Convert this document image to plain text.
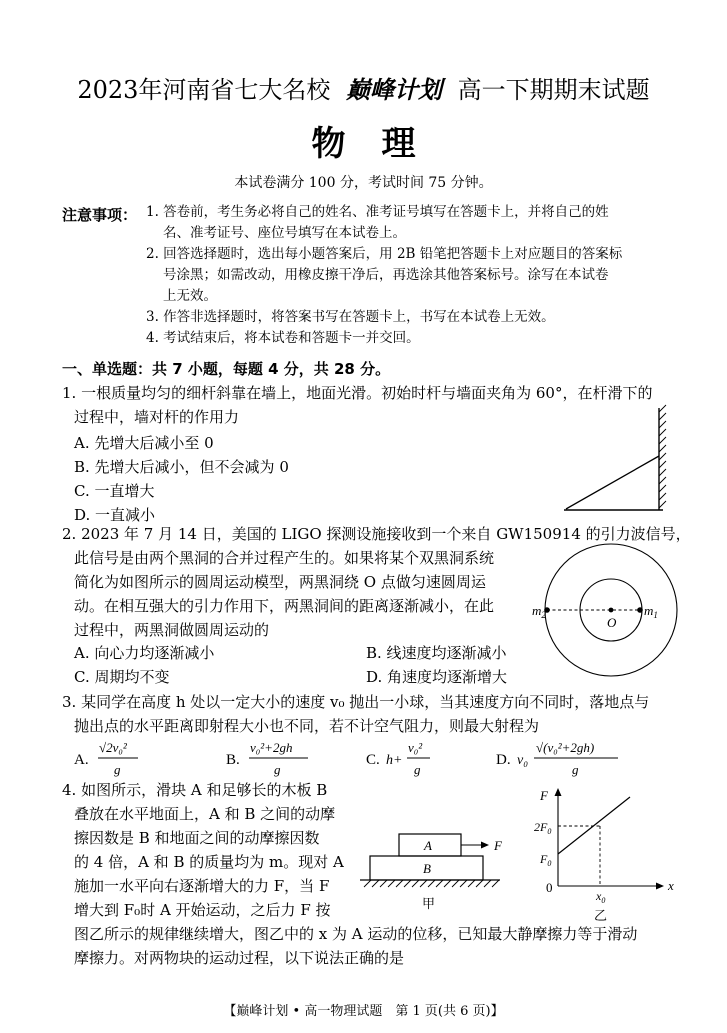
2023年河南省七大名校 巅峰计划 高一下期期末试题
物理
本试卷满分 100 分，考试时间 75 分钟。
注意事项： 1. 答卷前，考生务必将自己的姓名、准考证号填写在答题卡上，并将自己的姓
名、准考证号、座位号填写在本试卷上。
2. 回答选择题时，选出每小题答案后，用 2B 铅笔把答题卡上对应题目的答案标
号涂黑；如需改动，用橡皮擦干净后，再选涂其他答案标号。涂写在本试卷
上无效。
3. 作答非选择题时，将答案书写在答题卡上，书写在本试卷上无效。
4. 考试结束后，将本试卷和答题卡一并交回。
一、单选题：共 7 小题，每题 4 分，共 28 分。
1. 一根质量均匀的细杆斜靠在墙上，地面光滑。初始时杆与墙面夹角为 60°，在杆滑下的
过程中，墙对杆的作用力
A. 先增大后减小至 0
B. 先增大后减小，但不会减为 0
C. 一直增大
D. 一直减小
2. 2023 年 7 月 14 日，美国的 LIGO 探测设施接收到一个来自 GW150914 的引力波信号，
此信号是由两个黑洞的合并过程产生的。如果将某个双黑洞系统
简化为如图所示的圆周运动模型，两黑洞绕 O 点做匀速圆周运
动。在相互强大的引力作用下，两黑洞间的距离逐渐减小，在此
过程中，两黑洞做圆周运动的
A. 向心力均逐渐减小	B. 线速度均逐渐减小
C. 周期均不变	D. 角速度均逐渐增大
$m_2$	$m_1$
O
3. 某同学在高度 h 处以一定大小的速度 v₀ 抛出一小球，当其速度方向不同时，落地点与
抛出点的水平距离即射程大小也不同，若不计空气阻力，则最大射程为
A.
√2v₀²
g
B.
v₀²+2gh
g
C. h+
v₀²
g
D. v₀
√(v₀²+2gh)
g
4. 如图所示，滑块 A 和足够长的木板 B
叠放在水平地面上，A 和 B 之间的动摩
擦因数是 B 和地面之间的动摩擦因数
的 4 倍，A 和 B 的质量均为 m。现对 A
施加一水平向右逐渐增大的力 F，当 F
增大到 F₀时 A 开始运动，之后力 F 按
图乙所示的规律继续增大，图乙中的 x 为 A 运动的位移，已知最大静摩擦力等于滑动
摩擦力。对两物块的运动过程，以下说法正确的是
A	F
B
甲
F
x
0
$2F_0$
$F_0$
$x_0$
乙
【巅峰计划 • 高一物理试题　第 1 页(共 6 页)】
